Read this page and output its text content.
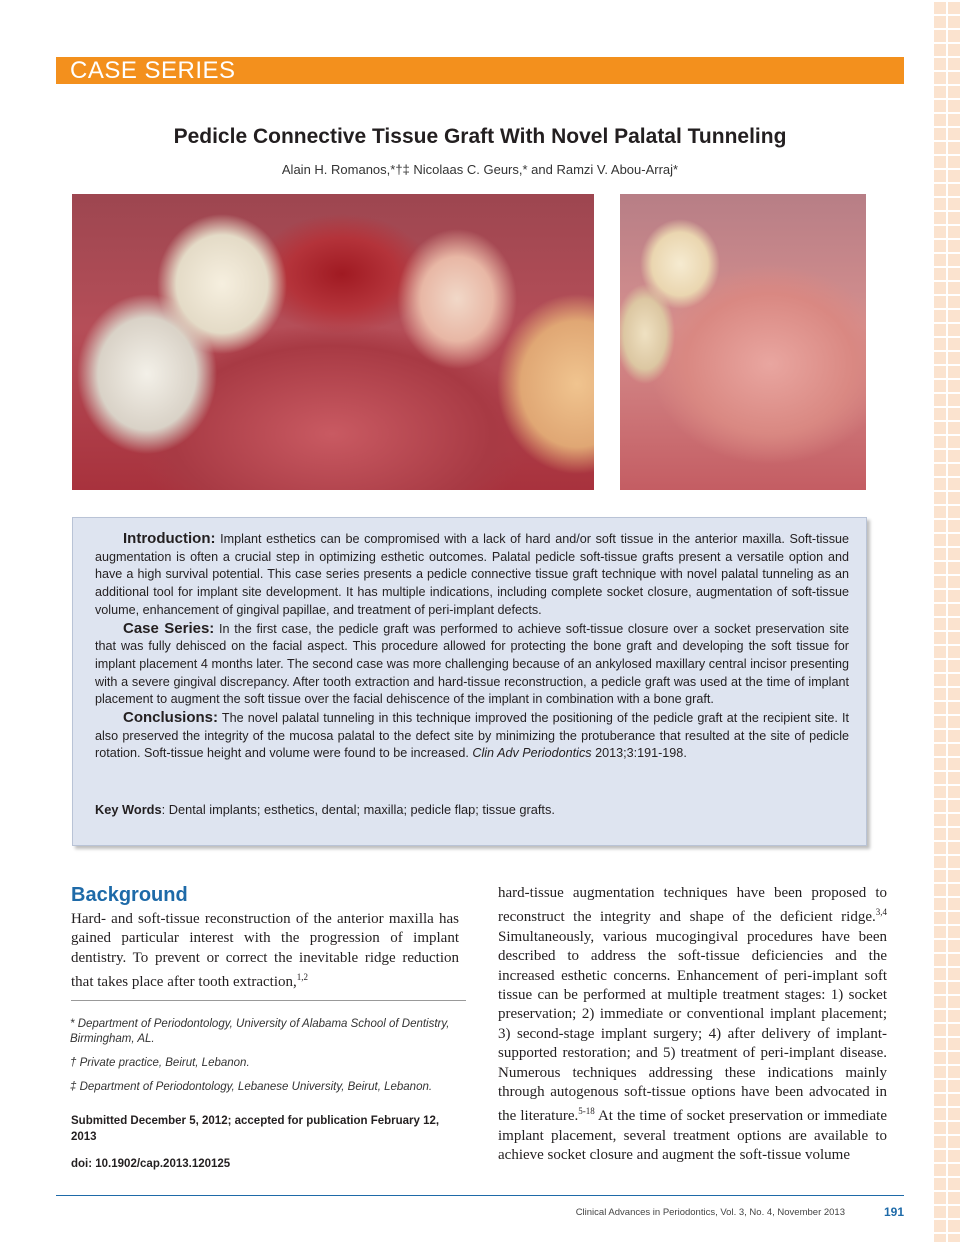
CASE SERIES
Pedicle Connective Tissue Graft With Novel Palatal Tunneling
Alain H. Romanos,*†‡ Nicolaas C. Geurs,* and Ramzi V. Abou-Arraj*

Introduction: Implant esthetics can be compromised with a lack of hard and/or soft tissue in the anterior maxilla. Soft-tissue augmentation is often a crucial step in optimizing esthetic outcomes. Palatal pedicle soft-tissue grafts present a versatile option and have a high survival potential. This case series presents a pedicle connective tissue graft technique with novel palatal tunneling as an additional tool for implant site development. It has multiple indications, including complete socket closure, augmentation of soft-tissue volume, enhancement of gingival papillae, and treatment of peri-implant defects.

Case Series: In the first case, the pedicle graft was performed to achieve soft-tissue closure over a socket preservation site that was fully dehisced on the facial aspect. This procedure allowed for protecting the bone graft and developing the soft tissue for implant placement 4 months later. The second case was more challenging because of an ankylosed maxillary central incisor presenting with a severe gingival discrepancy. After tooth extraction and hard-tissue reconstruction, a pedicle graft was used at the time of implant placement to augment the soft tissue over the facial dehiscence of the implant in combination with a bone graft.

Conclusions: The novel palatal tunneling in this technique improved the positioning of the pedicle graft at the recipient site. It also preserved the integrity of the mucosa palatal to the defect site by minimizing the protuberance that resulted at the site of pedicle rotation. Soft-tissue height and volume were found to be increased. Clin Adv Periodontics 2013;3:191-198.

Key Words: Dental implants; esthetics, dental; maxilla; pedicle flap; tissue grafts.
Background
Hard- and soft-tissue reconstruction of the anterior maxilla has gained particular interest with the progression of implant dentistry. To prevent or correct the inevitable ridge reduction that takes place after tooth extraction,$^{1,2}$
* Department of Periodontology, University of Alabama School of Dentistry, Birmingham, AL.
† Private practice, Beirut, Lebanon.
‡ Department of Periodontology, Lebanese University, Beirut, Lebanon.
Submitted December 5, 2012; accepted for publication February 12, 2013
doi: 10.1902/cap.2013.120125
hard-tissue augmentation techniques have been proposed to reconstruct the integrity and shape of the deficient ridge.$^{3,4}$ Simultaneously, various mucogingival procedures have been described to address the soft-tissue deficiencies and the increased esthetic concerns. Enhancement of peri-implant soft tissue can be performed at multiple treatment stages: 1) socket preservation; 2) immediate or conventional implant placement; 3) second-stage implant surgery; 4) after delivery of implant-supported restoration; and 5) treatment of peri-implant disease. Numerous techniques addressing these indications mainly through autogenous soft-tissue options have been advocated in the literature.$^{5-18}$ At the time of socket preservation or immediate implant placement, several treatment options are available to achieve socket closure and augment the soft-tissue volume
Clinical Advances in Periodontics, Vol. 3, No. 4, November 2013	191
